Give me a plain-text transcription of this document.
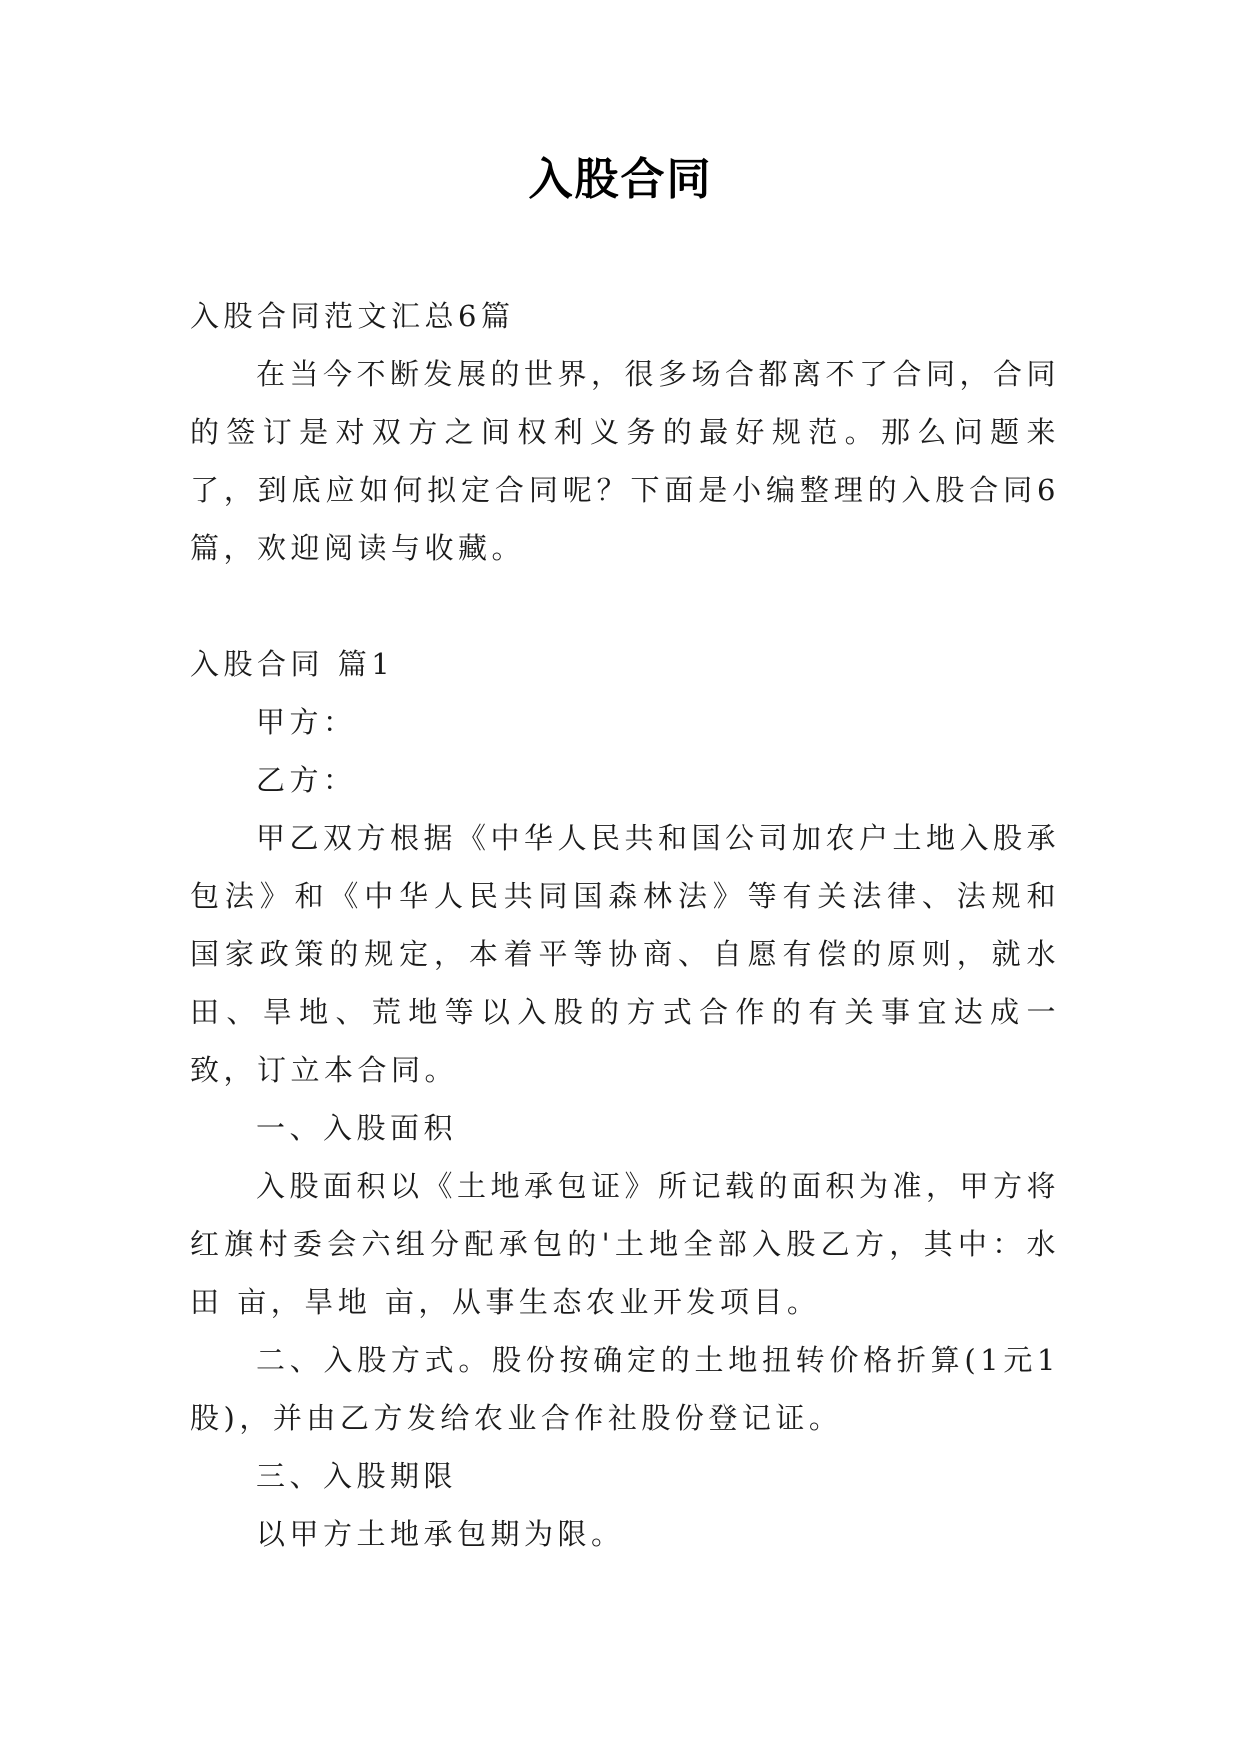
入股合同

入股合同范文汇总6篇

在当今不断发展的世界，很多场合都离不了合同，合同的签订是对双方之间权利义务的最好规范。那么问题来了，到底应如何拟定合同呢？下面是小编整理的入股合同6篇，欢迎阅读与收藏。

入股合同 篇1

甲方：

乙方：

甲乙双方根据《中华人民共和国公司加农户土地入股承包法》和《中华人民共同国森林法》等有关法律、法规和国家政策的规定，本着平等协商、自愿有偿的原则，就水田、旱地、荒地等以入股的方式合作的有关事宜达成一致，订立本合同。

一、入股面积

入股面积以《土地承包证》所记载的面积为准，甲方将红旗村委会六组分配承包的'土地全部入股乙方，其中：水田 亩，旱地 亩，从事生态农业开发项目。

二、入股方式。股份按确定的土地扭转价格折算(1元1股)，并由乙方发给农业合作社股份登记证。

三、入股期限

以甲方土地承包期为限。
